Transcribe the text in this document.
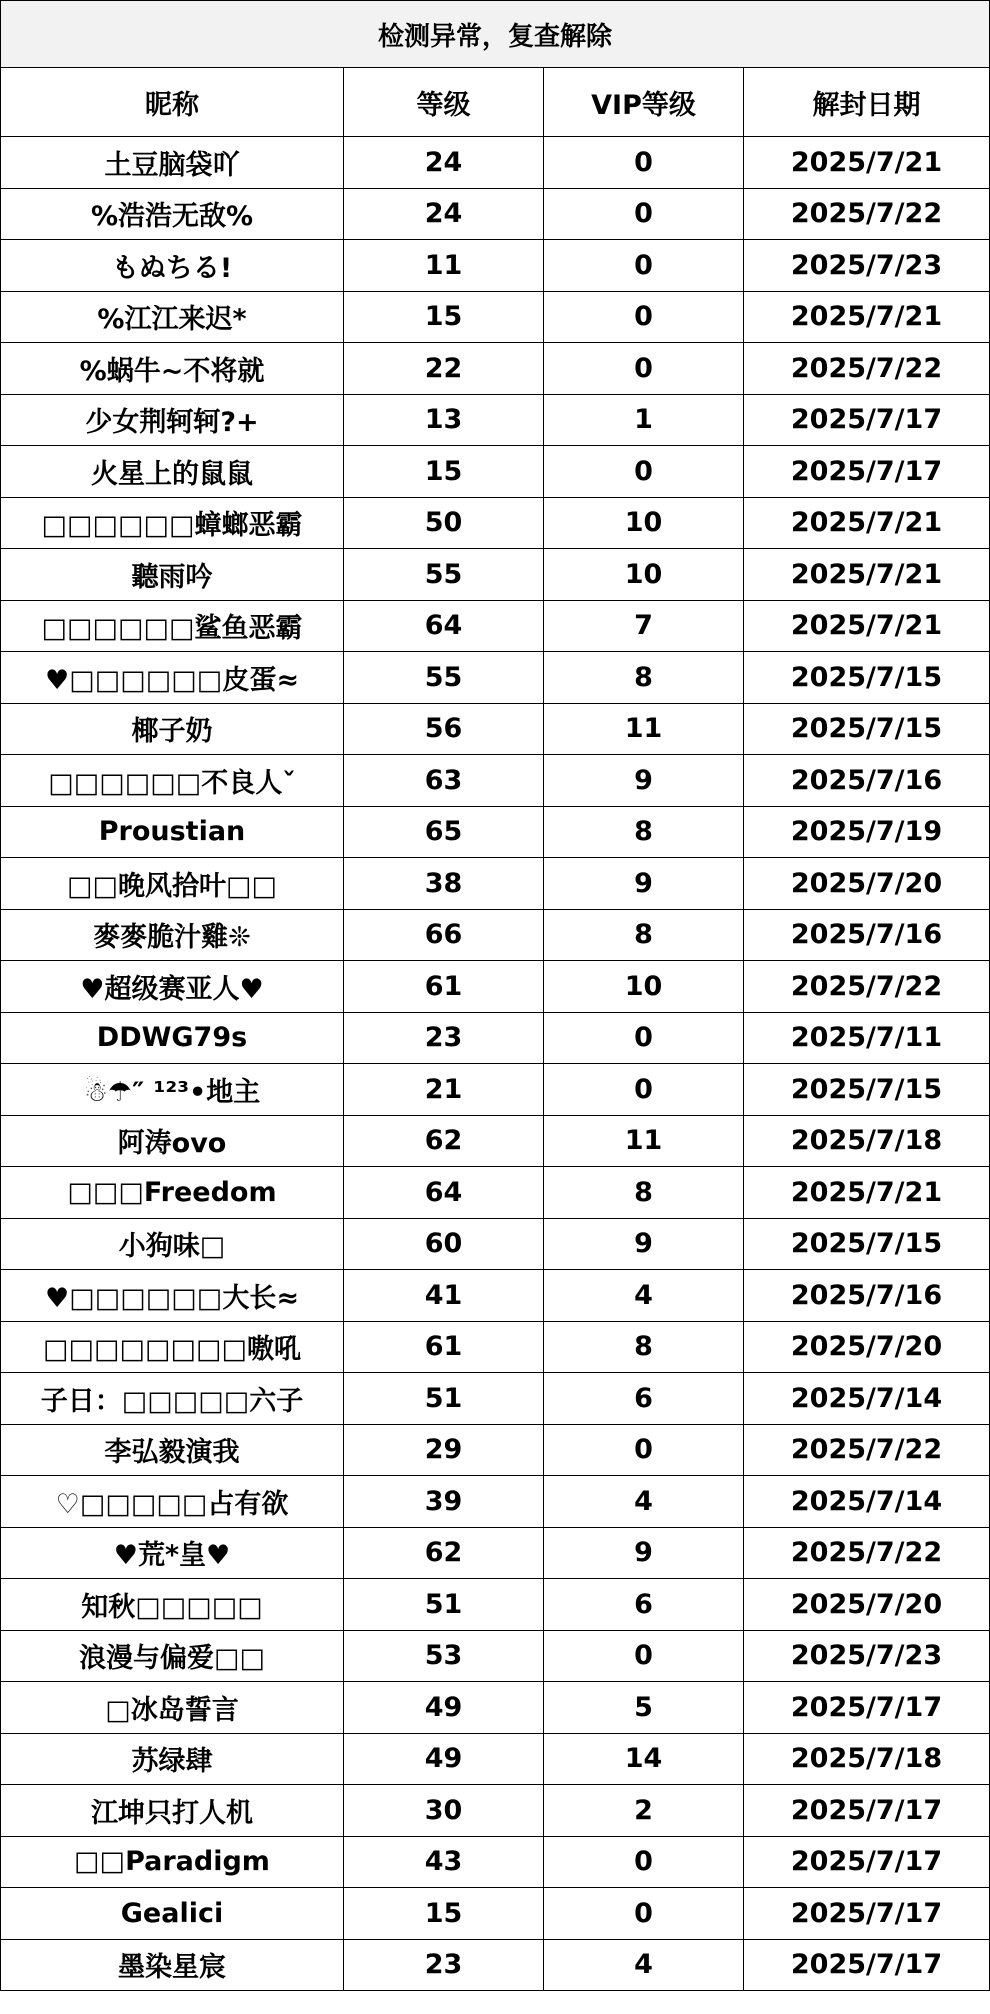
检测异常，复查解除			
昵称	等级	VIP等级	解封日期
土豆脑袋吖	24	0	2025/7/21
%浩浩无敌%	24	0	2025/7/22
もぬちる!	11	0	2025/7/23
%江江来迟*	15	0	2025/7/21
%蜗牛~不将就	22	0	2025/7/22
少女荆轲轲?+	13	1	2025/7/17
火星上的鼠鼠	15	0	2025/7/17
□□□□□□蟑螂恶霸	50	10	2025/7/21
聽雨吟	55	10	2025/7/21
□□□□□□鲨鱼恶霸	64	7	2025/7/21
♥□□□□□□皮蛋≈	55	8	2025/7/15
椰子奶	56	11	2025/7/15
□□□□□□不良人ˇ	63	9	2025/7/16
Proustian	65	8	2025/7/19
□□晚风拾叶□□	38	9	2025/7/20
麥麥脆汁雞❊	66	8	2025/7/16
♥超级赛亚人♥	61	10	2025/7/22
DDWG79s	23	0	2025/7/11
☃☂″ ¹²³•地主	21	0	2025/7/15
阿涛ovo	62	11	2025/7/18
□□□Freedom	64	8	2025/7/21
小狗味□	60	9	2025/7/15
♥□□□□□□大长≈	41	4	2025/7/16
□□□□□□□□嗷吼	61	8	2025/7/20
子日：□□□□□六子	51	6	2025/7/14
李弘毅演我	29	0	2025/7/22
♡□□□□□占有欲	39	4	2025/7/14
♥荒*皇♥	62	9	2025/7/22
知秋□□□□□	51	6	2025/7/20
浪漫与偏爱□□	53	0	2025/7/23
□冰岛誓言	49	5	2025/7/17
苏绿肆	49	14	2025/7/18
江坤只打人机	30	2	2025/7/17
□□Paradigm	43	0	2025/7/17
Gealici	15	0	2025/7/17
墨染星宸	23	4	2025/7/17
